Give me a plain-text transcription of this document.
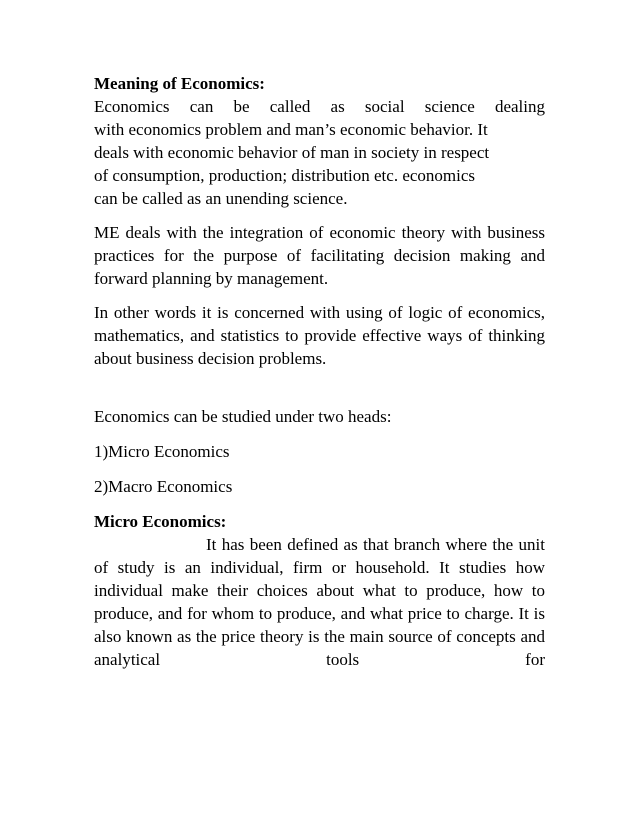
Meaning of Economics:

Economics can be called as social science dealing

with economics problem and man’s economic behavior. It

deals with economic behavior of man in society in respect

of consumption, production; distribution etc. economics

can be called as an unending science.

ME deals with the integration of economic theory with business practices for the purpose of facilitating decision making and forward planning by management.

In other words it is concerned with using of logic of economics, mathematics, and statistics to provide effective ways of thinking about business decision problems.

Economics can be studied under two heads:

1)Micro Economics

2)Macro Economics

Micro Economics:

It has been defined as that branch where the unit of study is an individual, firm or household. It studies how individual make their choices about what to produce, how to produce, and for whom to produce, and what price to charge. It is also known as the price theory is the main source of concepts and analytical tools for
